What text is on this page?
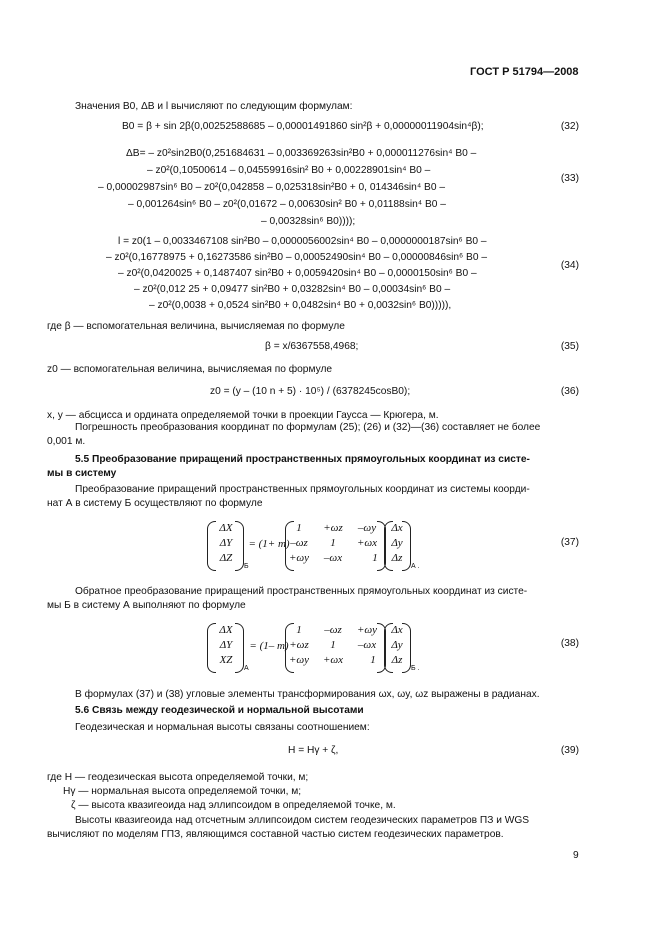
ГОСТ Р 51794—2008
Значения B0, ΔB и l вычисляют по следующим формулам:
B0 = β + sin 2β(0,00252588685 – 0,00001491860 sin²β + 0,00000011904sin⁴β);	(32)
ΔB= – z0²sin2B0(0,251684631 – 0,003369263sin²B0 + 0,000011276sin⁴ B0 –
– z0²(0,10500614 – 0,04559916sin² B0 + 0,00228901sin⁴ B0 –
– 0,00002987sin⁶ B0 – z0²(0,042858 – 0,025318sin²B0 + 0, 014346sin⁴ B0 –
– 0,001264sin⁶ B0 – z0²(0,01672 – 0,00630sin² B0 + 0,01188sin⁴ B0 –
– 0,00328sin⁶ B0))));
(33)
l = z0(1 – 0,0033467108 sin²B0 – 0,0000056002sin⁴ B0 – 0,0000000187sin⁶ B0 –
– z0²(0,16778975 + 0,16273586 sin²B0 – 0,00052490sin⁴ B0 – 0,00000846sin⁶ B0 –
– z0²(0,0420025 + 0,1487407 sin²B0 + 0,0059420sin⁴ B0 – 0,0000150sin⁶ B0 –
– z0²(0,012 25 + 0,09477 sin²B0 + 0,03282sin⁴ B0 – 0,00034sin⁶ B0 –
– z0²(0,0038 + 0,0524 sin²B0 + 0,0482sin⁴ B0 + 0,0032sin⁶ B0))))),
(34)
где β — вспомогательная величина, вычисляемая по формуле
β = x/6367558,4968;	(35)
z0 — вспомогательная величина, вычисляемая по формуле
z0 = (y – (10 n + 5) · 10⁵) / (6378245cosB0);	(36)
x, y — абсцисса и ордината определяемой точки в проекции Гаусса — Крюгера, м.
Погрешность преобразования координат по формулам (25); (26) и (32)—(36) составляет не более
0,001 м.
5.5 Преобразование приращений пространственных прямоугольных координат из систе-
мы в систему
Преобразование приращений пространственных прямоугольных координат из системы коорди-
нат А в систему Б осуществляют по формуле
ΔX
ΔY
ΔZ
Б
= (1+ m)
1	+ωz	–ωy
–ωz	1	+ωx
+ωy	–ωx	1
Δx
Δy
Δz
А .
(37)
Обратное преобразование приращений пространственных прямоугольных координат из систе-
мы Б в систему А выполняют по формуле
ΔX
ΔY
XZ
А
= (1– m)
1	–ωz	+ωy
+ωz	1	–ωx
+ωy	+ωx	1
Δx
Δy
Δz
Б .
(38)
В формулах (37) и (38) угловые элементы трансформирования ωx, ωy, ωz выражены в радианах.
5.6 Связь между геодезической и нормальной высотами
Геодезическая и нормальная высоты связаны соотношением:
H = Hγ + ζ,	(39)
где H — геодезическая высота определяемой точки, м;
Hγ — нормальная высота определяемой точки, м;
ζ — высота квазигеоида над эллипсоидом в определяемой точке, м.
Высоты квазигеоида над отсчетным эллипсоидом систем геодезических параметров ПЗ и WGS
вычисляют по моделям ГПЗ, являющимся составной частью систем геодезических параметров.
9
